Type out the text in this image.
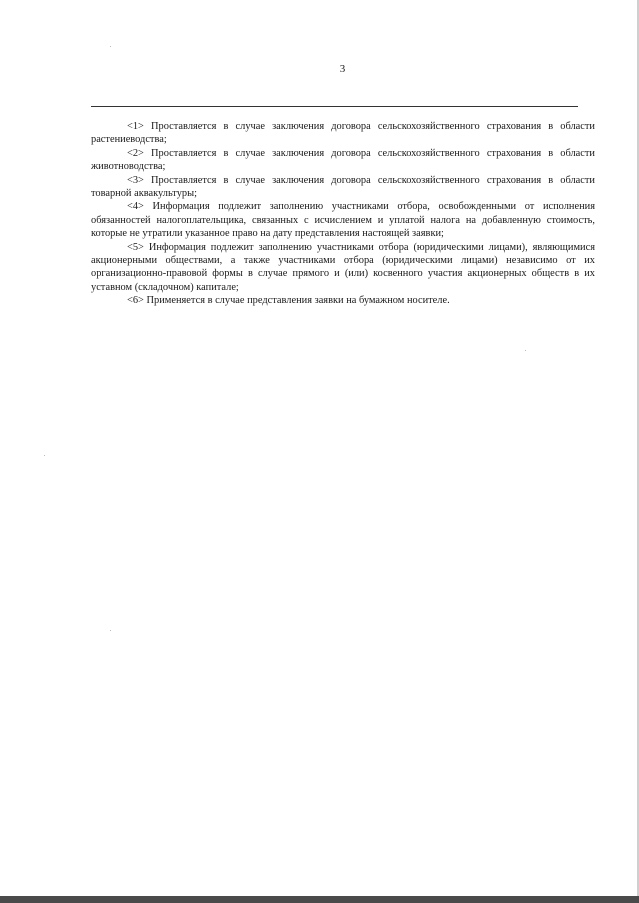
3

<1> Проставляется в случае заключения договора сельскохозяйственного страхования в области растениеводства;

<2> Проставляется в случае заключения договора сельскохозяйственного страхования в области животноводства;

<3> Проставляется в случае заключения договора сельскохозяйственного страхования в области товарной аквакультуры;

<4> Информация подлежит заполнению участниками отбора, освобожденными от исполнения обязанностей налогоплательщика, связанных с исчислением и уплатой налога на добавленную стоимость, которые не утратили указанное право на дату представления настоящей заявки;

<5> Информация подлежит заполнению участниками отбора (юридическими лицами), являющимися акционерными обществами, а также участниками отбора (юридическими лицами) независимо от их организационно-правовой формы в случае прямого и (или) косвенного участия акционерных обществ в их уставном (складочном) капитале;

<6> Применяется в случае представления заявки на бумажном носителе.
